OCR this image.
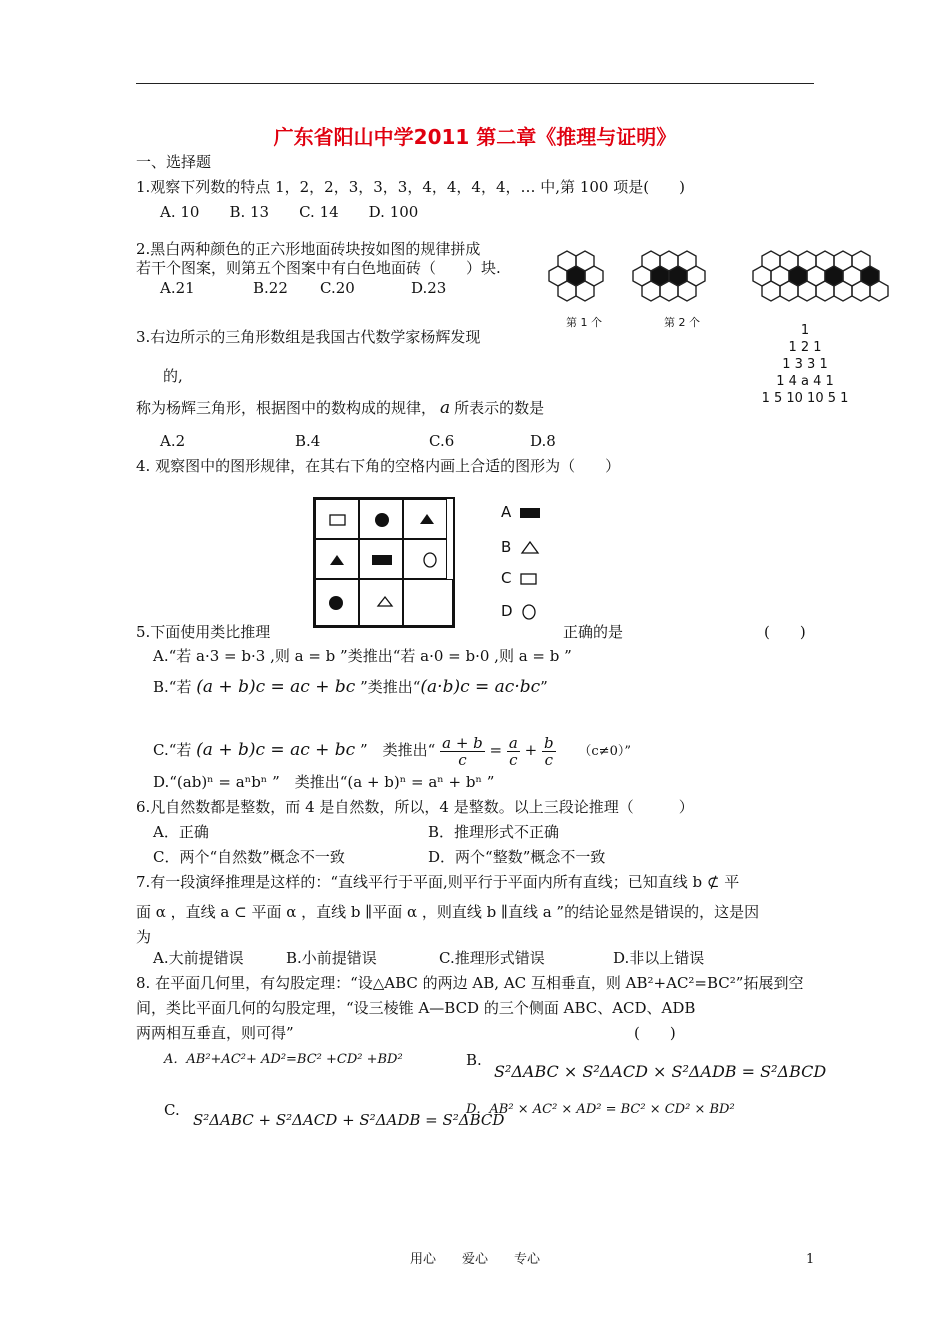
广东省阳山中学2011 第二章《推理与证明》
一、选择题
1.观察下列数的特点 1，2，2，3，3，3，4，4，4，4，… 中,第 100 项是(　　)
A. 10　　B. 13　　C. 14　　D. 100
2.黑白两种颜色的正六形地面砖块按如图的规律拼成
若干个图案，则第五个图案中有白色地面砖（　　）块.
A.21	B.22 C.20	D.23
第 1 个	第 2 个
3.右边所示的三角形数组是我国古代数学家杨辉发现
的,
称为杨辉三角形，根据图中的数构成的规律， a 所表示的数是
A.2	B.4	C.6	D.8
1
1 2 1
1 3 3 1
1 4 a 4 1
1 5 10 10 5 1
4. 观察图中的图形规律，在其右下角的空格内画上合适的图形为（　　）
A
B
C
D
5.下面使用类比推理	正确的是	(　　)
A.“若 a·3 = b·3 ,则 a = b ”类推出“若 a·0 = b·0 ,则 a = b ”
B.“若 (a + b)c = ac + bc ”类推出“(a·b)c = ac·bc”
C.“若 (a + b)c = ac + bc ”　类推出“ $\frac{a + b}{c} = \frac{a}{c} + \frac{b}{c} (c\ne 0)$”
D.“(ab)ⁿ = aⁿbⁿ ”　类推出“(a + b)ⁿ = aⁿ + bⁿ ”
6.凡自然数都是整数，而 4 是自然数，所以，4 是整数。以上三段论推理（　　　）
A．正确	B．推理形式不正确
C．两个“自然数”概念不一致	D．两个“整数”概念不一致
7.有一段演绎推理是这样的：“直线平行于平面,则平行于平面内所有直线；已知直线 b ⊄ 平
面 α ，直线 a ⊂ 平面 α ，直线 b ∥平面 α ，则直线 b ∥直线 a ”的结论显然是错误的，这是因
为
A.大前提错误	B.小前提错误	C.推理形式错误	D.非以上错误
8. 在平面几何里，有勾股定理：“设△ABC 的两边 AB, AC 互相垂直，则 AB²+AC²=BC²”拓展到空
间，类比平面几何的勾股定理，“设三棱锥 A—BCD 的三个侧面 ABC、ACD、ADB
两两相互垂直，则可得”	(　　)
A．AB²+AC²+ AD²=BC² +CD² +BD²	B.
S²ΔABC × S²ΔACD × S²ΔADB = S²ΔBCD
C.
S²ΔABC + S²ΔACD + S²ΔADB = S²ΔBCD
D．AB² × AC² × AD² = BC² × CD² × BD²
用心　　爱心　　专心	1
